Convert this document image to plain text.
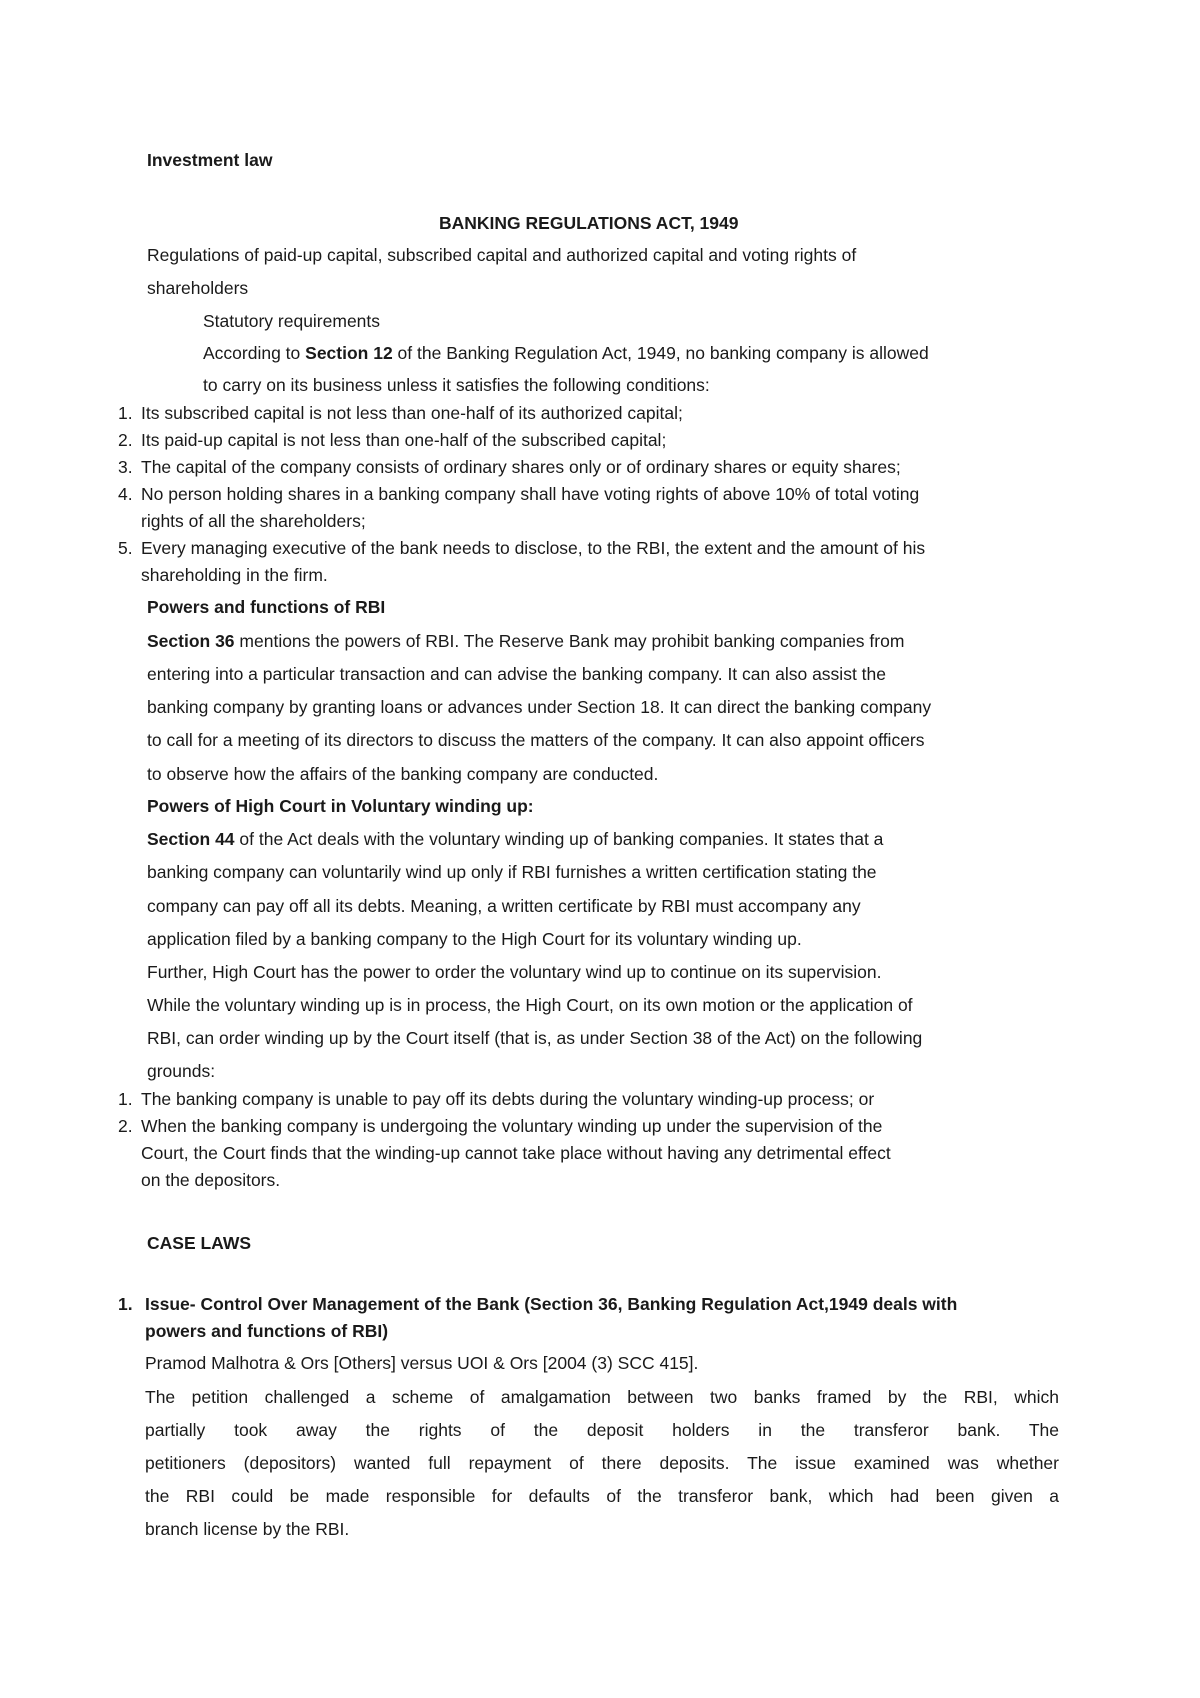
Investment law
BANKING REGULATIONS ACT, 1949
Regulations of paid-up capital, subscribed capital and authorized capital and voting rights of
shareholders
Statutory requirements
According to Section 12 of the Banking Regulation Act, 1949, no banking company is allowed
to carry on its business unless it satisfies the following conditions:
1. Its subscribed capital is not less than one-half of its authorized capital;
2. Its paid-up capital is not less than one-half of the subscribed capital;
3. The capital of the company consists of ordinary shares only or of ordinary shares or equity shares;
4. No person holding shares in a banking company shall have voting rights of above 10% of total voting
rights of all the shareholders;
5. Every managing executive of the bank needs to disclose, to the RBI, the extent and the amount of his
shareholding in the firm.
Powers and functions of RBI
Section 36 mentions the powers of RBI. The Reserve Bank may prohibit banking companies from
entering into a particular transaction and can advise the banking company. It can also assist the
banking company by granting loans or advances under Section 18. It can direct the banking company
to call for a meeting of its directors to discuss the matters of the company. It can also appoint officers
to observe how the affairs of the banking company are conducted.
Powers of High Court in Voluntary winding up:
Section 44 of the Act deals with the voluntary winding up of banking companies. It states that a
banking company can voluntarily wind up only if RBI furnishes a written certification stating the
company can pay off all its debts. Meaning, a written certificate by RBI must accompany any
application filed by a banking company to the High Court for its voluntary winding up.
Further, High Court has the power to order the voluntary wind up to continue on its supervision.
While the voluntary winding up is in process, the High Court, on its own motion or the application of
RBI, can order winding up by the Court itself (that is, as under Section 38 of the Act) on the following
grounds:
1. The banking company is unable to pay off its debts during the voluntary winding-up process; or
2. When the banking company is undergoing the voluntary winding up under the supervision of the
Court, the Court finds that the winding-up cannot take place without having any detrimental effect
on the depositors.
CASE LAWS
1. Issue- Control Over Management of the Bank (Section 36, Banking Regulation Act,1949 deals with
powers and functions of RBI)
Pramod Malhotra & Ors [Others] versus UOI & Ors [2004 (3) SCC 415].
The petition challenged a scheme of amalgamation between two banks framed by the RBI, which
partially took away the rights of the deposit holders in the transferor bank. The
petitioners (depositors) wanted full repayment of there deposits. The issue examined was whether
the RBI could be made responsible for defaults of the transferor bank, which had been given a
branch license by the RBI.
